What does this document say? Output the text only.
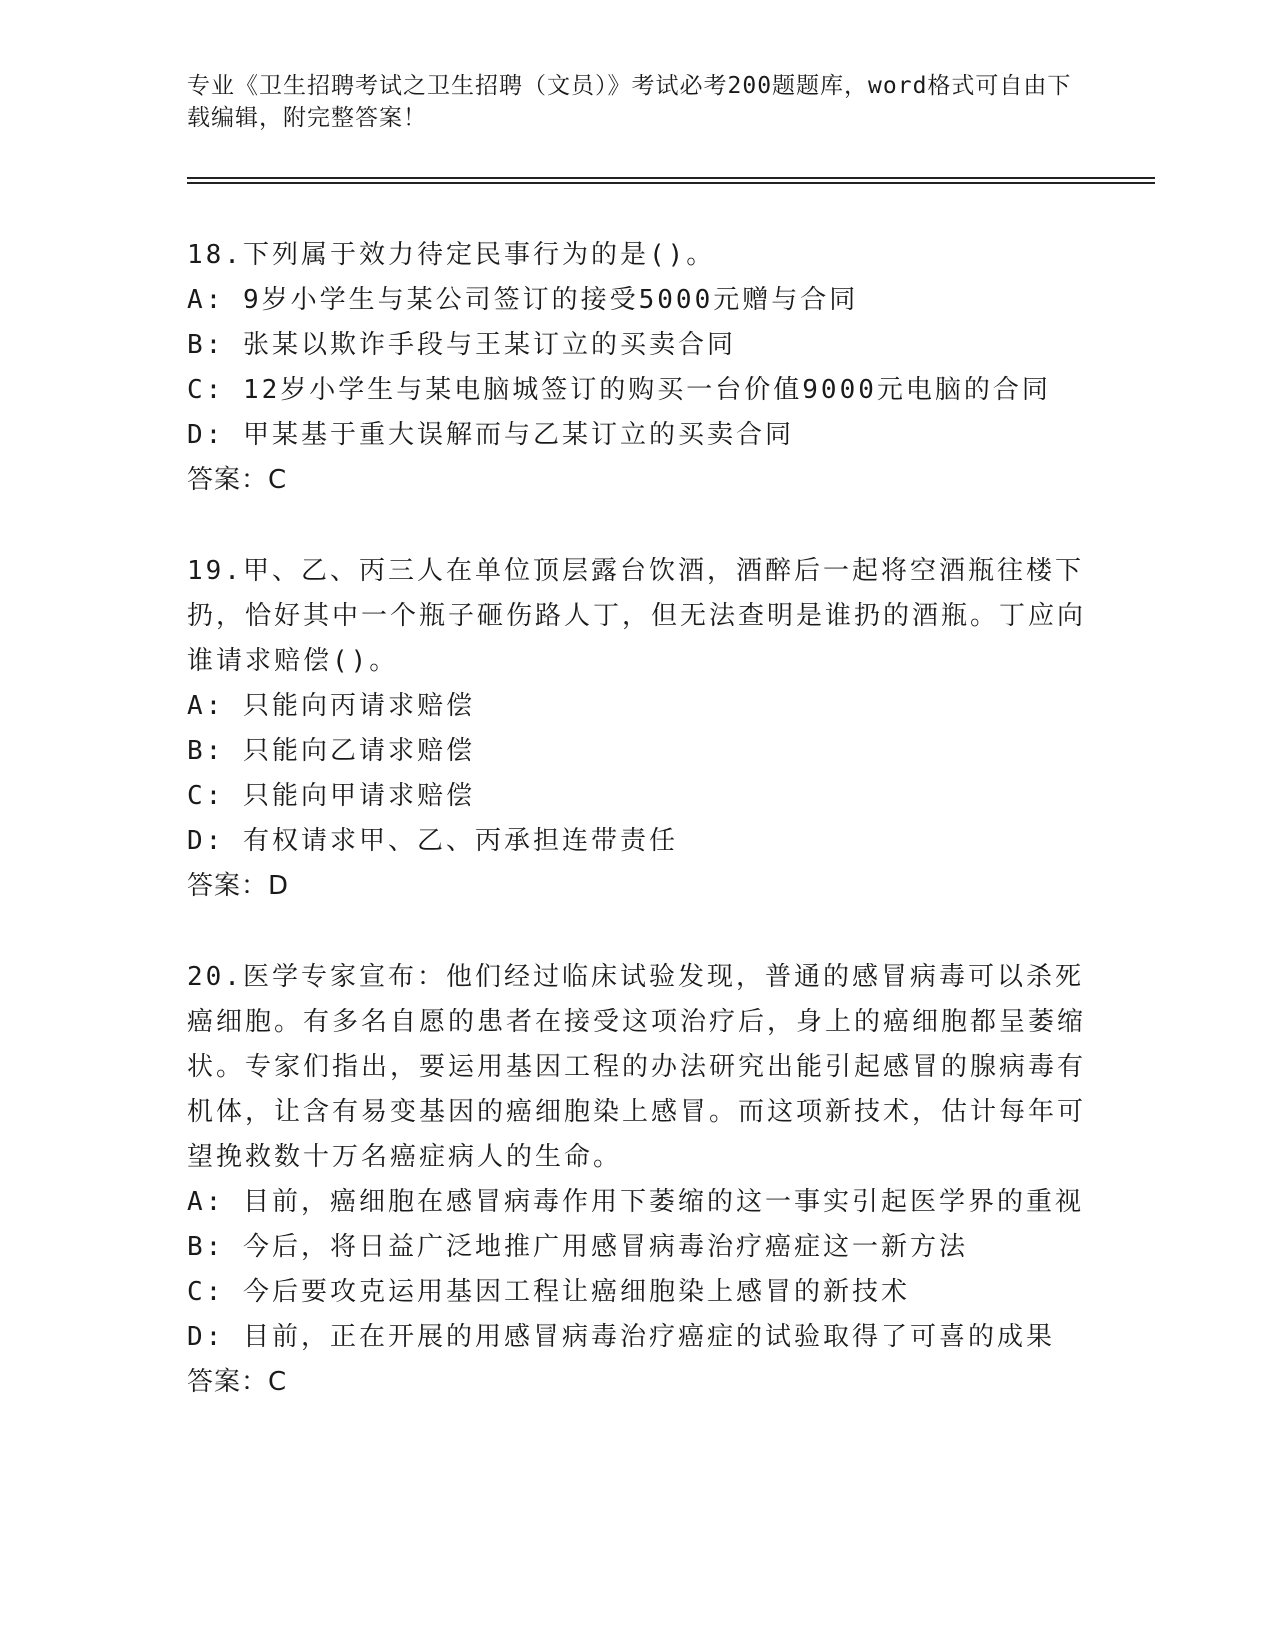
专业《卫生招聘考试之卫生招聘（文员）》考试必考200题题库，word格式可自由下载编辑，附完整答案！
18.下列属于效力待定民事行为的是()。
A: 9岁小学生与某公司签订的接受5000元赠与合同
B: 张某以欺诈手段与王某订立的买卖合同
C: 12岁小学生与某电脑城签订的购买一台价值9000元电脑的合同
D: 甲某基于重大误解而与乙某订立的买卖合同
答案：C
19.甲、乙、丙三人在单位顶层露台饮酒，酒醉后一起将空酒瓶往楼下扔，恰好其中一个瓶子砸伤路人丁，但无法查明是谁扔的酒瓶。丁应向谁请求赔偿()。
A: 只能向丙请求赔偿
B: 只能向乙请求赔偿
C: 只能向甲请求赔偿
D: 有权请求甲、乙、丙承担连带责任
答案：D
20.医学专家宣布：他们经过临床试验发现，普通的感冒病毒可以杀死癌细胞。有多名自愿的患者在接受这项治疗后，身上的癌细胞都呈萎缩状。专家们指出，要运用基因工程的办法研究出能引起感冒的腺病毒有机体，让含有易变基因的癌细胞染上感冒。而这项新技术，估计每年可望挽救数十万名癌症病人的生命。
A: 目前，癌细胞在感冒病毒作用下萎缩的这一事实引起医学界的重视
B: 今后，将日益广泛地推广用感冒病毒治疗癌症这一新方法
C: 今后要攻克运用基因工程让癌细胞染上感冒的新技术
D: 目前，正在开展的用感冒病毒治疗癌症的试验取得了可喜的成果
答案：C
